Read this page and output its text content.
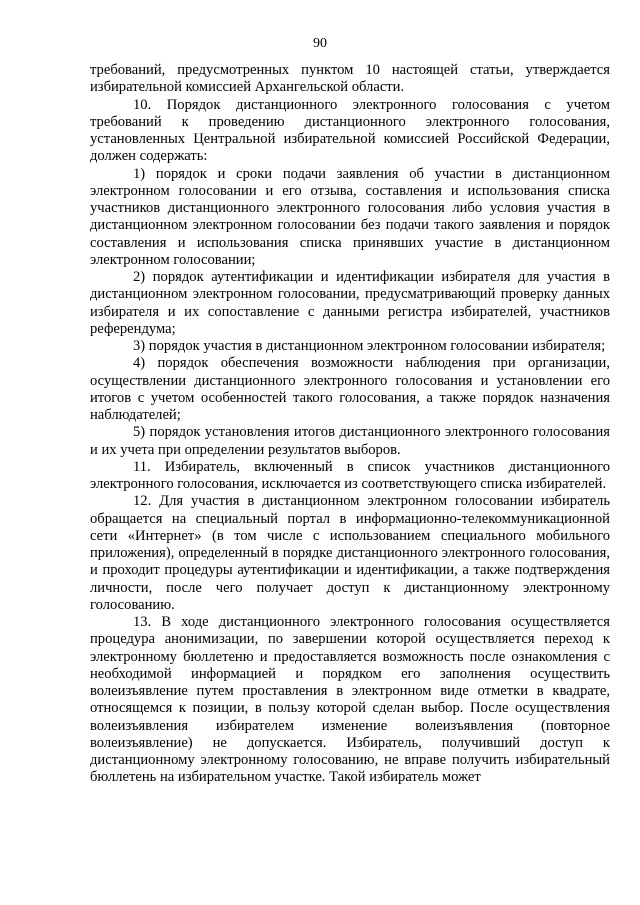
90

требований, предусмотренных пунктом 10 настоящей статьи, утверждается избирательной комиссией Архангельской области.

10. Порядок дистанционного электронного голосования с учетом требований к проведению дистанционного электронного голосования, установленных Центральной избирательной комиссией Российской Федерации, должен содержать:

1) порядок и сроки подачи заявления об участии в дистанционном электронном голосовании и его отзыва, составления и использования списка участников дистанционного электронного голосования либо условия участия в дистанционном электронном голосовании без подачи такого заявления и порядок составления и использования списка принявших участие в дистанционном электронном голосовании;

2) порядок аутентификации и идентификации избирателя для участия в дистанционном электронном голосовании, предусматривающий проверку данных избирателя и их сопоставление с данными регистра избирателей, участников референдума;

3) порядок участия в дистанционном электронном голосовании избирателя;

4) порядок обеспечения возможности наблюдения при организации, осуществлении дистанционного электронного голосования и установлении его итогов с учетом особенностей такого голосования, а также порядок назначения наблюдателей;

5) порядок установления итогов дистанционного электронного голосования и их учета при определении результатов выборов.

11. Избиратель, включенный в список участников дистанционного электронного голосования, исключается из соответствующего списка избирателей.

12. Для участия в дистанционном электронном голосовании избиратель обращается на специальный портал в информационно-телекоммуникационной сети «Интернет» (в том числе с использованием специального мобильного приложения), определенный в порядке дистанционного электронного голосования, и проходит процедуры аутентификации и идентификации, а также подтверждения личности, после чего получает доступ к дистанционному электронному голосованию.

13. В ходе дистанционного электронного голосования осуществляется процедура анонимизации, по завершении которой осуществляется переход к электронному бюллетеню и предоставляется возможность после ознакомления с необходимой информацией и порядком его заполнения осуществить волеизъявление путем проставления в электронном виде отметки в квадрате, относящемся к позиции, в пользу которой сделан выбор. После осуществления волеизъявления избирателем изменение волеизъявления (повторное волеизъявление) не допускается. Избиратель, получивший доступ к дистанционному электронному голосованию, не вправе получить избирательный бюллетень на избирательном участке. Такой избиратель может
